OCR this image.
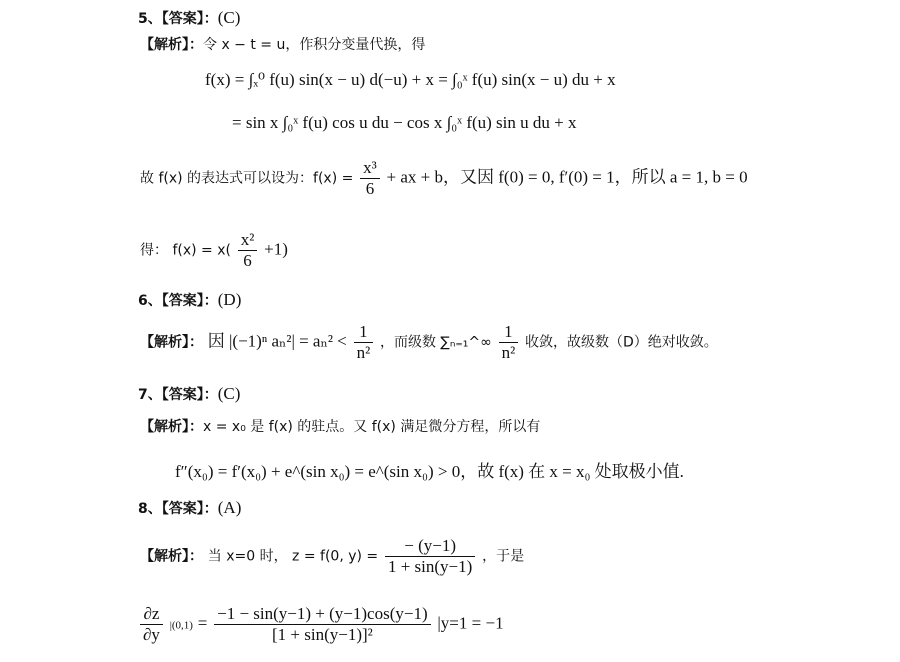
5、【答案】：(C)
【解析】：令 x − t = u，作积分变量代换，得
f(x) = ∫ₓ⁰ f(u) sin(x − u) d(−u) + x = ∫₀ˣ f(u) sin(x − u) du + x
= sin x ∫₀ˣ f(u) cos u du − cos x ∫₀ˣ f(u) sin u du + x
故 f(x) 的表达式可以设为：$f(x) = \frac{\text{x³}}{6}$ + ax + b，又因 f(0) = 0, f′(0) = 1，所以 a = 1, b = 0
得： $f(x) = x( \frac{\text{x²}}{6} +1)$
6、【答案】：(D)
【解析】： 因 |(−1)ⁿ $a_n^2| = a_n^2 < \frac{1}{\text{n²}}$ ，而级数 ∑ₙ₌₁^∞ $\frac{1}{\text{n²}}$ 收敛，故级数（D）绝对收敛。
7、【答案】：(C)
【解析】：x = x₀ 是 f(x) 的驻点。又 f(x) 满足微分方程，所以有
f″(x₀) = f′(x₀) + e^(sin x₀) = e^(sin x₀) > 0，故 f(x) 在 x = x₀ 处取极小值.
8、【答案】：(A)
【解析】： 当 x=0 时， z = f(0, $y) = \frac{- (y-1)}{1 + \sin(y-1)}$ ，于是
$\frac{\partial z}{\partial y} |(0,1) = \frac{-1 - \sin(y-1) + (y-1)\cos(y-1)}{\text{[1 + sin(y−1)]²}} |y=1 = -1$
